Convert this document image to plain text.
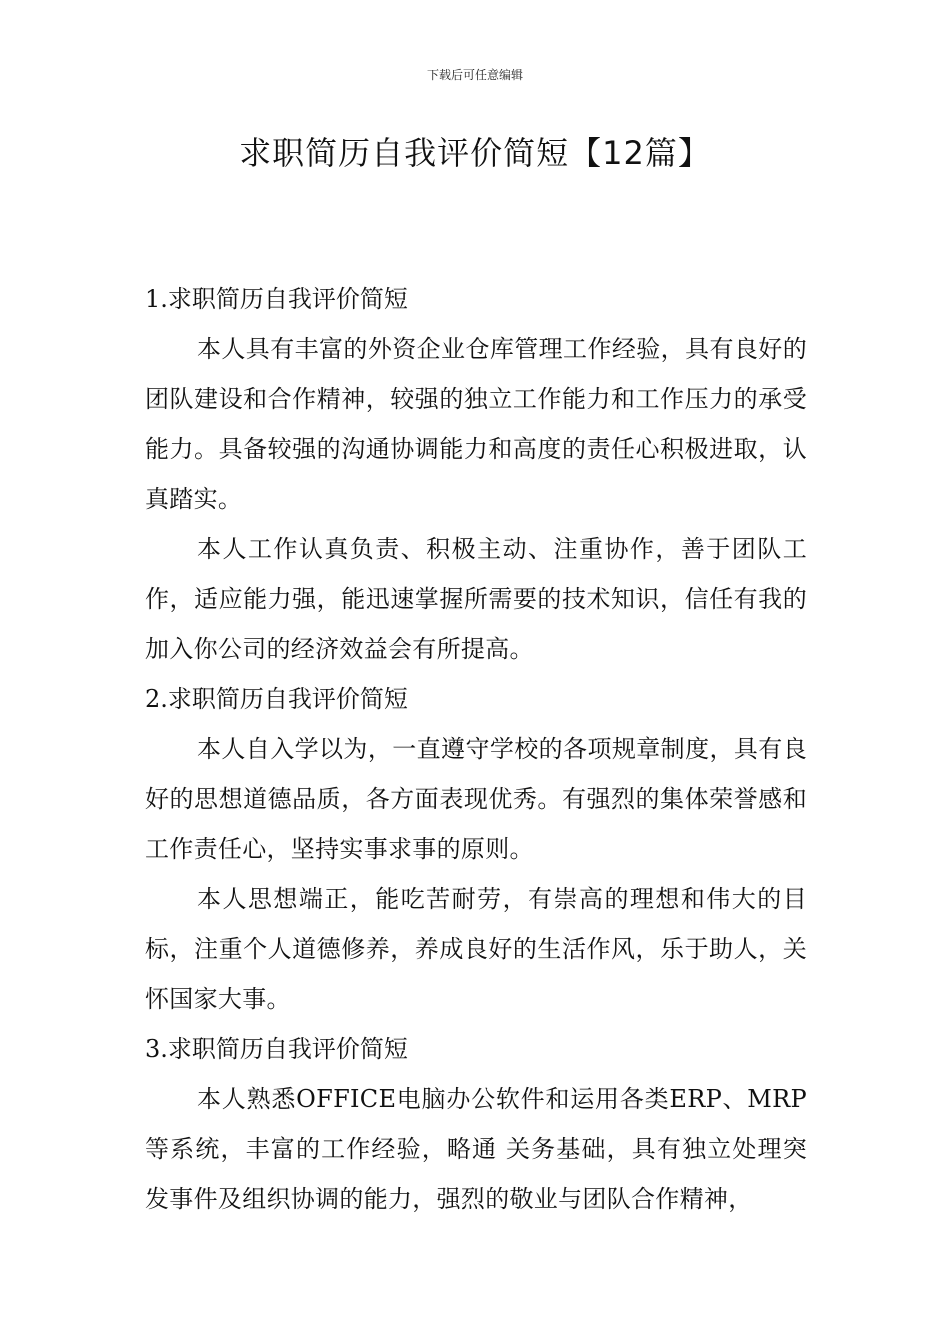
下载后可任意编辑
求职简历自我评价简短【12篇】
1.求职简历自我评价简短

本人具有丰富的外资企业仓库管理工作经验，具有良好的团队建设和合作精神，较强的独立工作能力和工作压力的承受能力。具备较强的沟通协调能力和高度的责任心积极进取，认真踏实。

本人工作认真负责、积极主动、注重协作，善于团队工作，适应能力强，能迅速掌握所需要的技术知识，信任有我的加入你公司的经济效益会有所提高。

2.求职简历自我评价简短

本人自入学以为，一直遵守学校的各项规章制度，具有良好的思想道德品质，各方面表现优秀。有强烈的集体荣誉感和工作责任心，坚持实事求事的原则。

本人思想端正，能吃苦耐劳，有崇高的理想和伟大的目标，注重个人道德修养，养成良好的生活作风，乐于助人，关怀国家大事。

3.求职简历自我评价简短

本人熟悉OFFICE电脑办公软件和运用各类ERP、MRP等系统，丰富的工作经验，略通 关务基础，具有独立处理突发事件及组织协调的能力，强烈的敬业与团队合作精神，
